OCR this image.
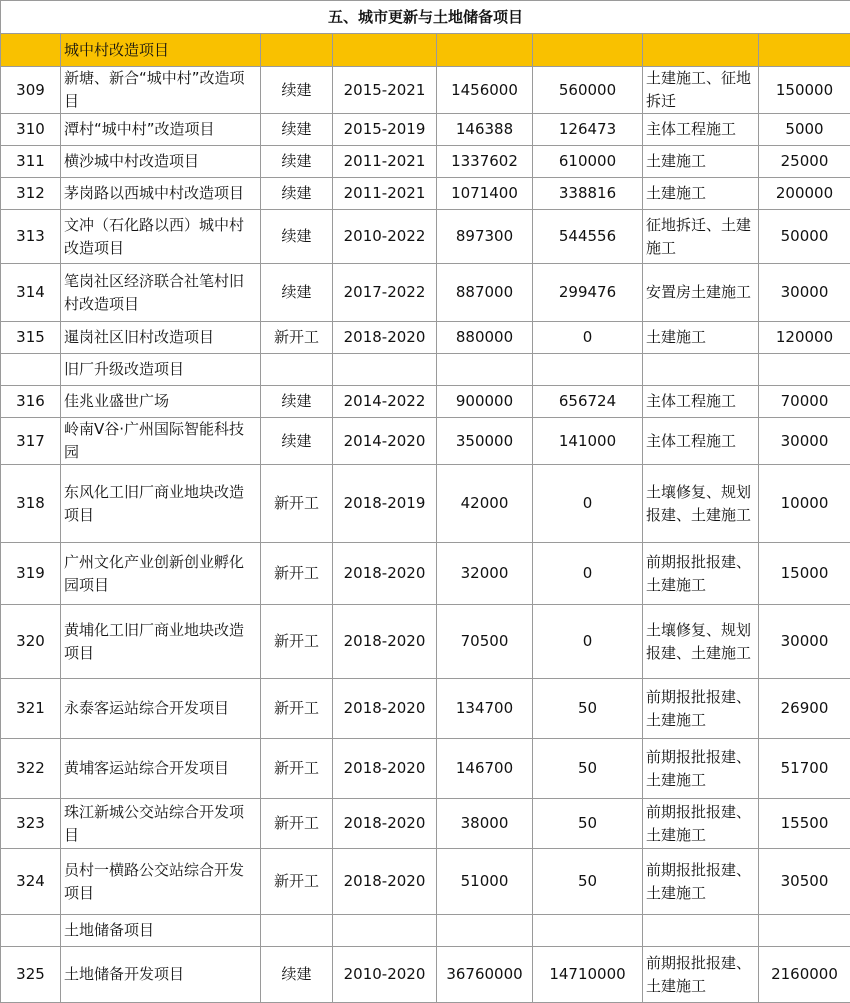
五、城市更新与土地储备项目							
	城中村改造项目						
309	新塘、新合“城中村”改造项目	续建	2015-2021	1456000	560000	土建施工、征地拆迁	150000
310	潭村“城中村”改造项目	续建	2015-2019	146388	126473	主体工程施工	5000
311	横沙城中村改造项目	续建	2011-2021	1337602	610000	土建施工	25000
312	茅岗路以西城中村改造项目	续建	2011-2021	1071400	338816	土建施工	200000
313	文冲（石化路以西）城中村改造项目	续建	2010-2022	897300	544556	征地拆迁、土建施工	50000
314	笔岗社区经济联合社笔村旧村改造项目	续建	2017-2022	887000	299476	安置房土建施工	30000
315	暹岗社区旧村改造项目	新开工	2018-2020	880000	0	土建施工	120000
	旧厂升级改造项目						
316	佳兆业盛世广场	续建	2014-2022	900000	656724	主体工程施工	70000
317	岭南V谷·广州国际智能科技园	续建	2014-2020	350000	141000	主体工程施工	30000
318	东风化工旧厂商业地块改造项目	新开工	2018-2019	42000	0	土壤修复、规划报建、土建施工	10000
319	广州文化产业创新创业孵化园项目	新开工	2018-2020	32000	0	前期报批报建、土建施工	15000
320	黄埔化工旧厂商业地块改造项目	新开工	2018-2020	70500	0	土壤修复、规划报建、土建施工	30000
321	永泰客运站综合开发项目	新开工	2018-2020	134700	50	前期报批报建、土建施工	26900
322	黄埔客运站综合开发项目	新开工	2018-2020	146700	50	前期报批报建、土建施工	51700
323	珠江新城公交站综合开发项目	新开工	2018-2020	38000	50	前期报批报建、土建施工	15500
324	员村一横路公交站综合开发项目	新开工	2018-2020	51000	50	前期报批报建、土建施工	30500
	土地储备项目						
325	土地储备开发项目	续建	2010-2020	36760000	14710000	前期报批报建、土建施工	2160000
